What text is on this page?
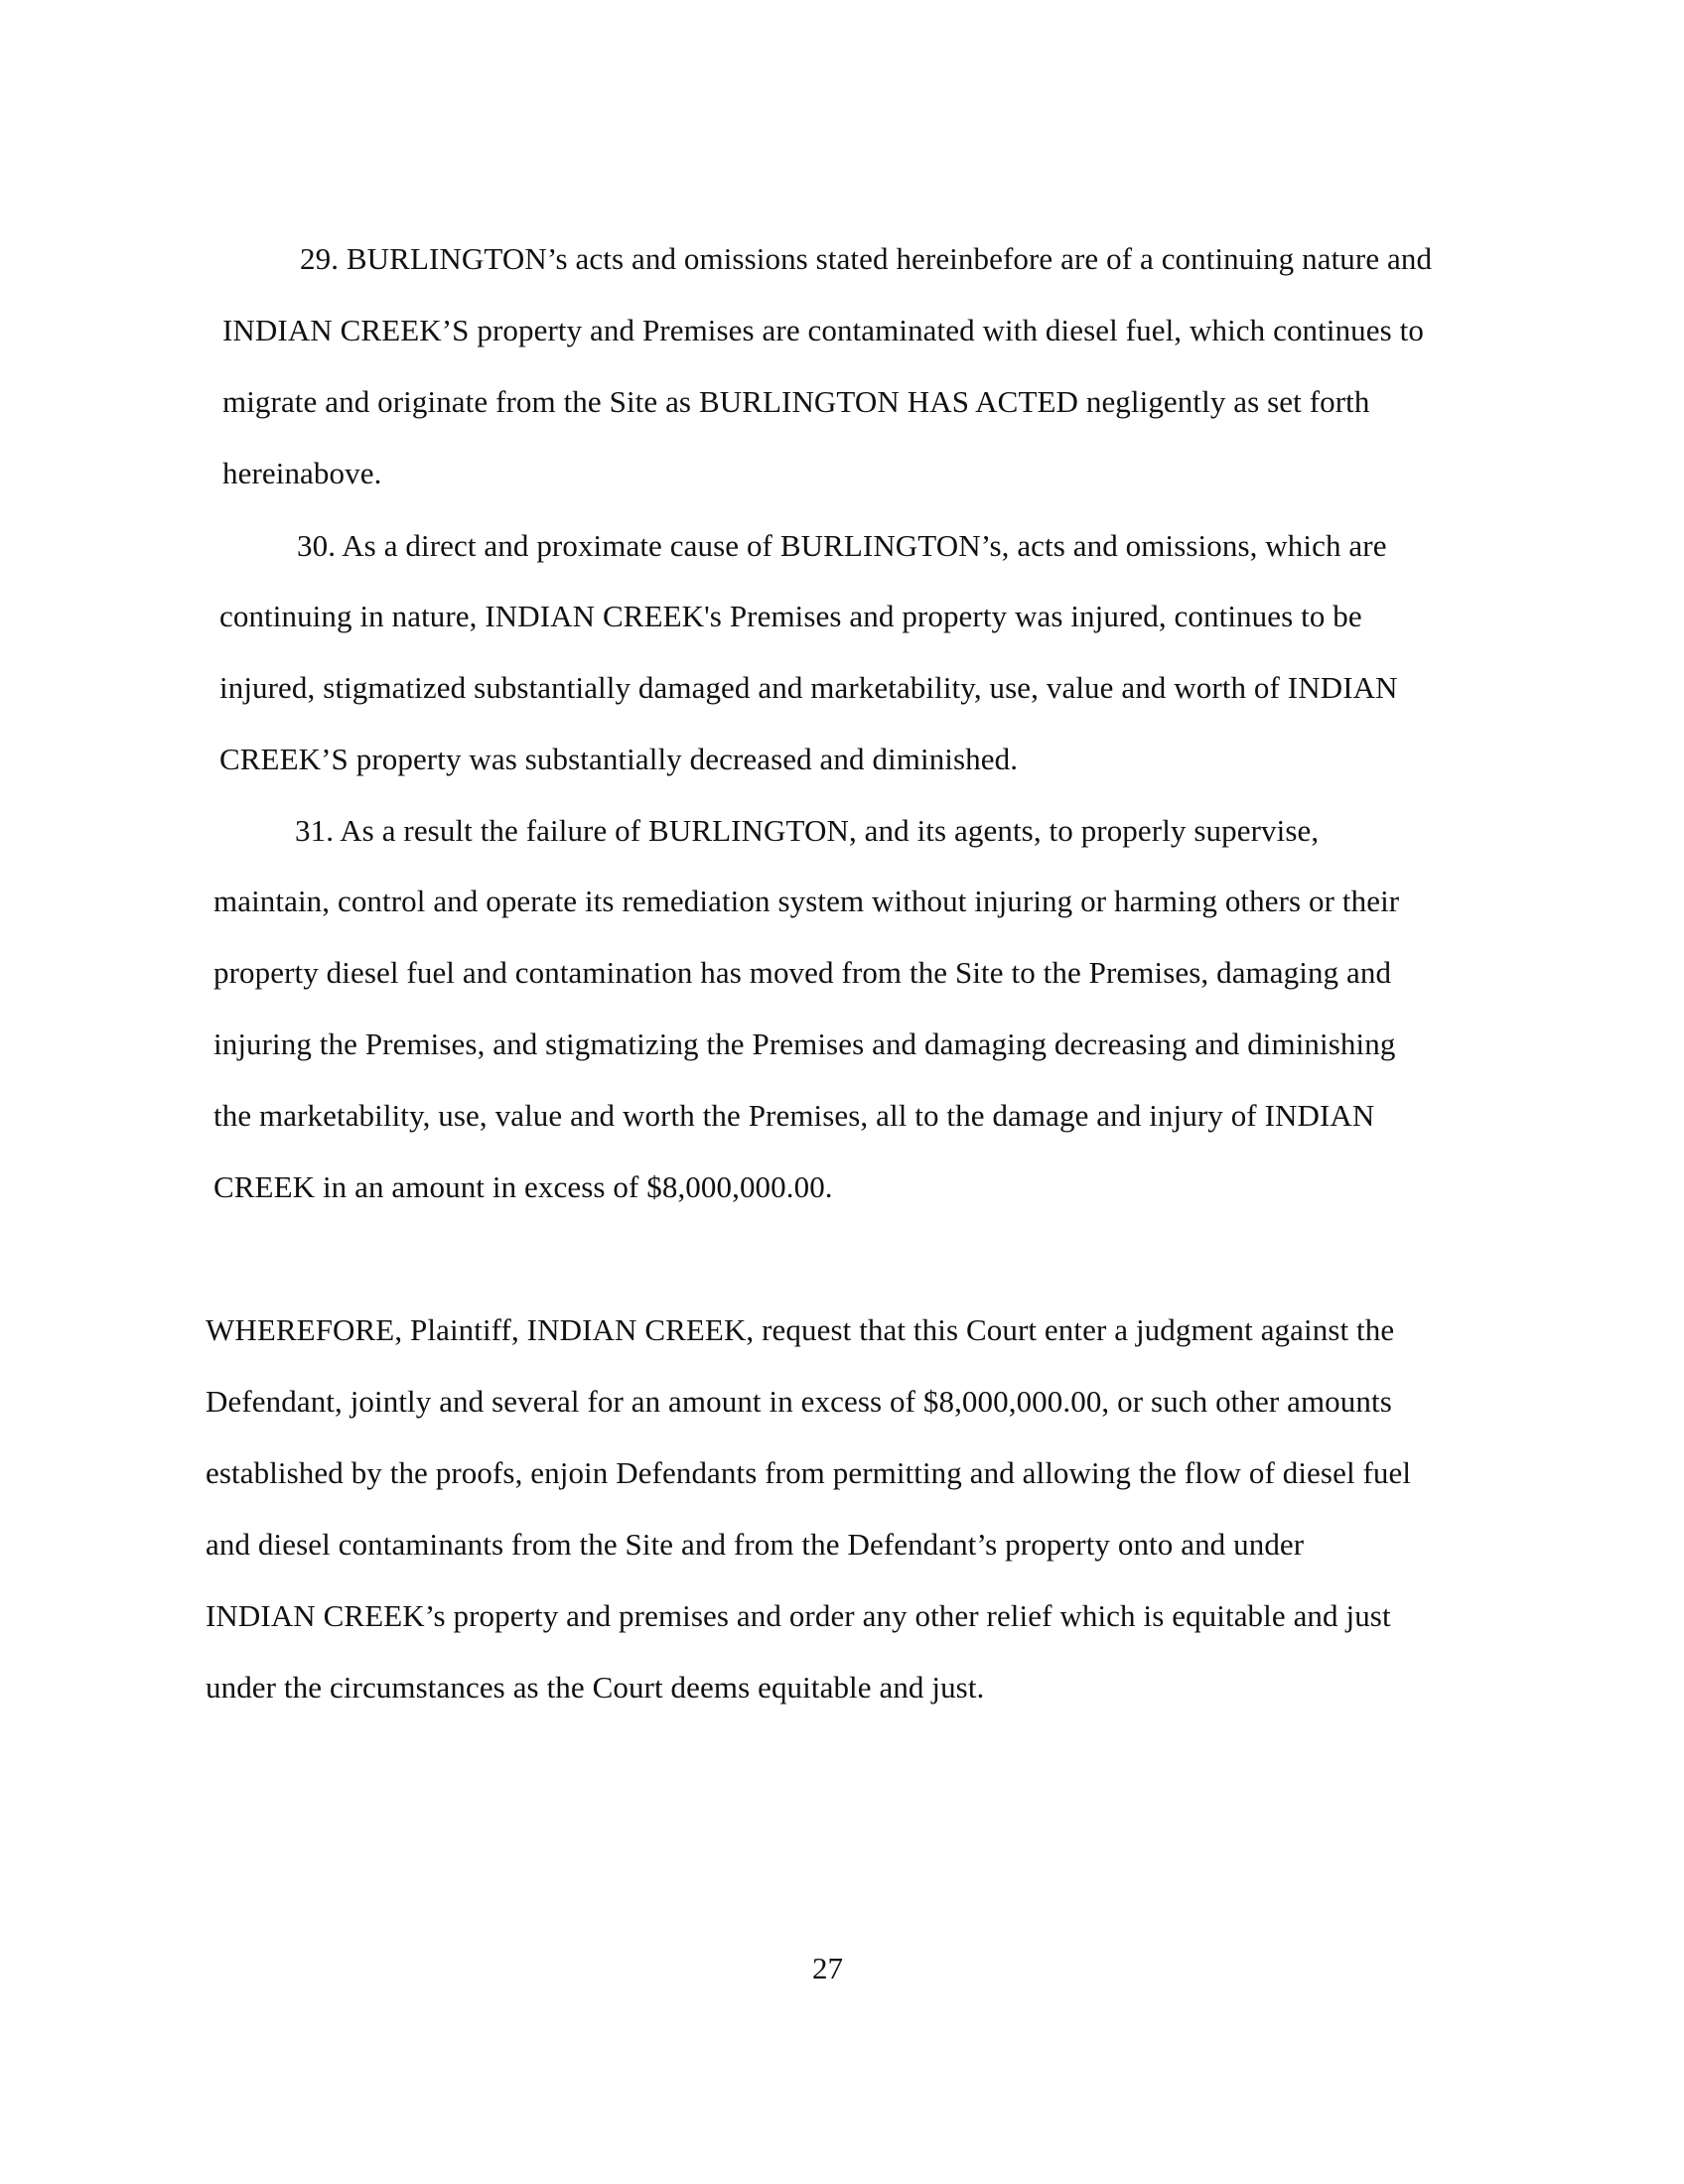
29. BURLINGTON’s acts and omissions stated hereinbefore are of a continuing nature and

INDIAN CREEK’S property and Premises are contaminated with diesel fuel, which continues to

migrate and originate from the Site as BURLINGTON HAS ACTED negligently as set forth

hereinabove.

30. As a direct and proximate cause of BURLINGTON’s, acts and omissions, which are

continuing in nature, INDIAN CREEK's Premises and property was injured, continues to be

injured, stigmatized substantially damaged and marketability, use, value and worth of INDIAN

CREEK’S property was substantially decreased and diminished.

31. As a result the failure of BURLINGTON, and its agents, to properly supervise,

maintain, control and operate its remediation system without injuring or harming others or their

property diesel fuel and contamination has moved from the Site to the Premises, damaging and

injuring the Premises, and stigmatizing the Premises and damaging decreasing and diminishing

the marketability, use, value and worth the Premises, all to the damage and injury of INDIAN

CREEK in an amount in excess of $8,000,000.00.

WHEREFORE, Plaintiff, INDIAN CREEK, request that this Court enter a judgment against the

Defendant, jointly and several for an amount in excess of $8,000,000.00, or such other amounts

established by the proofs, enjoin Defendants from permitting and allowing the flow of diesel fuel

and diesel contaminants from the Site and from the Defendant’s property onto and under

INDIAN CREEK’s property and premises and order any other relief which is equitable and just

under the circumstances as the Court deems equitable and just.

27
